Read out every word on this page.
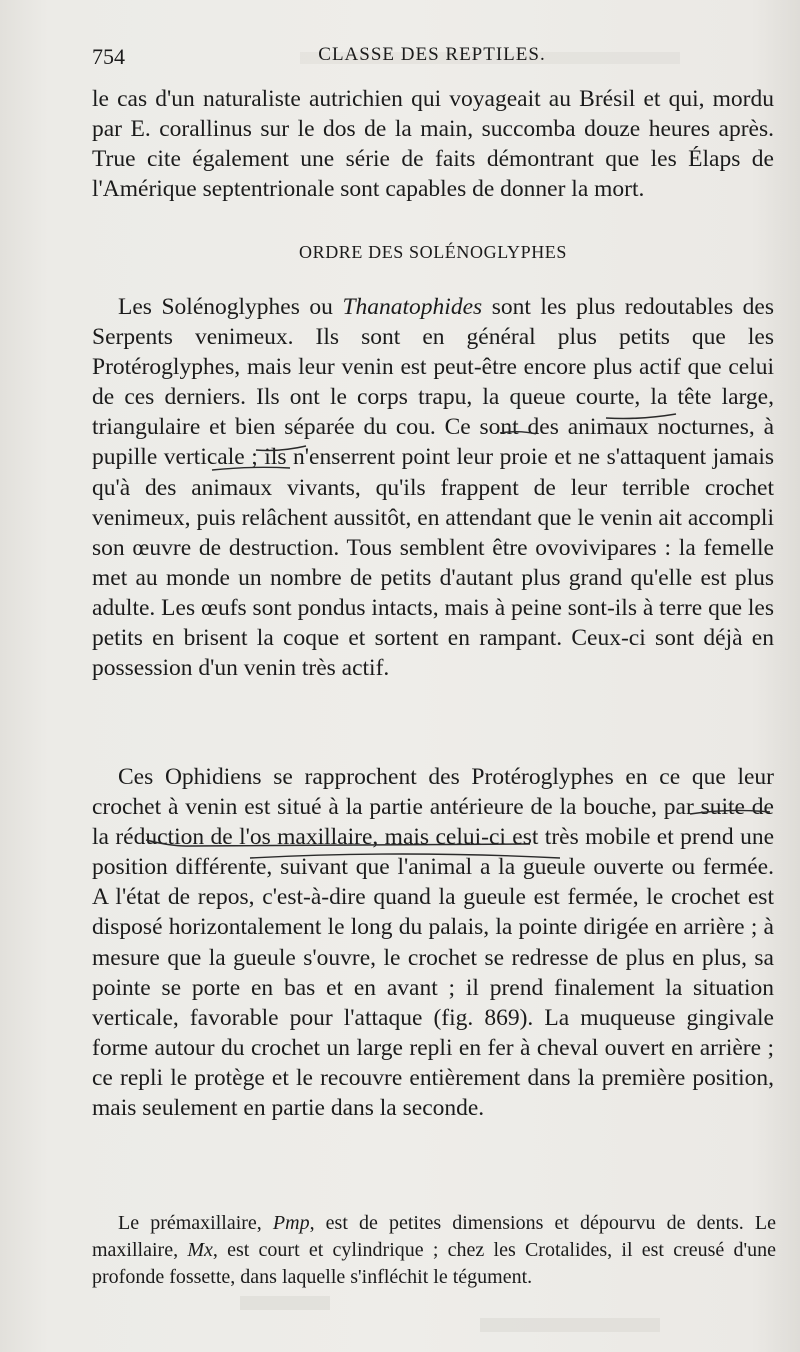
754	CLASSE DES REPTILES.

le cas d'un naturaliste autrichien qui voyageait au Brésil et qui, mordu par E. corallinus sur le dos de la main, succomba douze heures après. True cite également une série de faits démontrant que les Élaps de l'Amérique septentrionale sont capables de donner la mort.

ORDRE DES SOLÉNOGLYPHES

Les Solénoglyphes ou Thanatophides sont les plus redoutables des Serpents venimeux. Ils sont en général plus petits que les Protéroglyphes, mais leur venin est peut-être encore plus actif que celui de ces derniers. Ils ont le corps trapu, la queue courte, la tête large, triangulaire et bien séparée du cou. Ce sont des animaux nocturnes, à pupille verticale ; ils n'enserrent point leur proie et ne s'attaquent jamais qu'à des animaux vivants, qu'ils frappent de leur terrible crochet venimeux, puis relâchent aussitôt, en attendant que le venin ait accompli son œuvre de destruction. Tous semblent être ovovivipares : la femelle met au monde un nombre de petits d'autant plus grand qu'elle est plus adulte. Les œufs sont pondus intacts, mais à peine sont-ils à terre que les petits en brisent la coque et sortent en rampant. Ceux-ci sont déjà en possession d'un venin très actif.

Ces Ophidiens se rapprochent des Protéroglyphes en ce que leur crochet à venin est situé à la partie antérieure de la bouche, par suite de la réduction de l'os maxillaire, mais celui-ci est très mobile et prend une position différente, suivant que l'animal a la gueule ouverte ou fermée. A l'état de repos, c'est-à-dire quand la gueule est fermée, le crochet est disposé horizontalement le long du palais, la pointe dirigée en arrière ; à mesure que la gueule s'ouvre, le crochet se redresse de plus en plus, sa pointe se porte en bas et en avant ; il prend finalement la situation verticale, favorable pour l'attaque (fig. 869). La muqueuse gingivale forme autour du crochet un large repli en fer à cheval ouvert en arrière ; ce repli le protège et le recouvre entièrement dans la première position, mais seulement en partie dans la seconde.

Le prémaxillaire, Pmp, est de petites dimensions et dépourvu de dents. Le maxillaire, Mx, est court et cylindrique ; chez les Crotalides, il est creusé d'une profonde fossette, dans laquelle s'infléchit le tégument.
